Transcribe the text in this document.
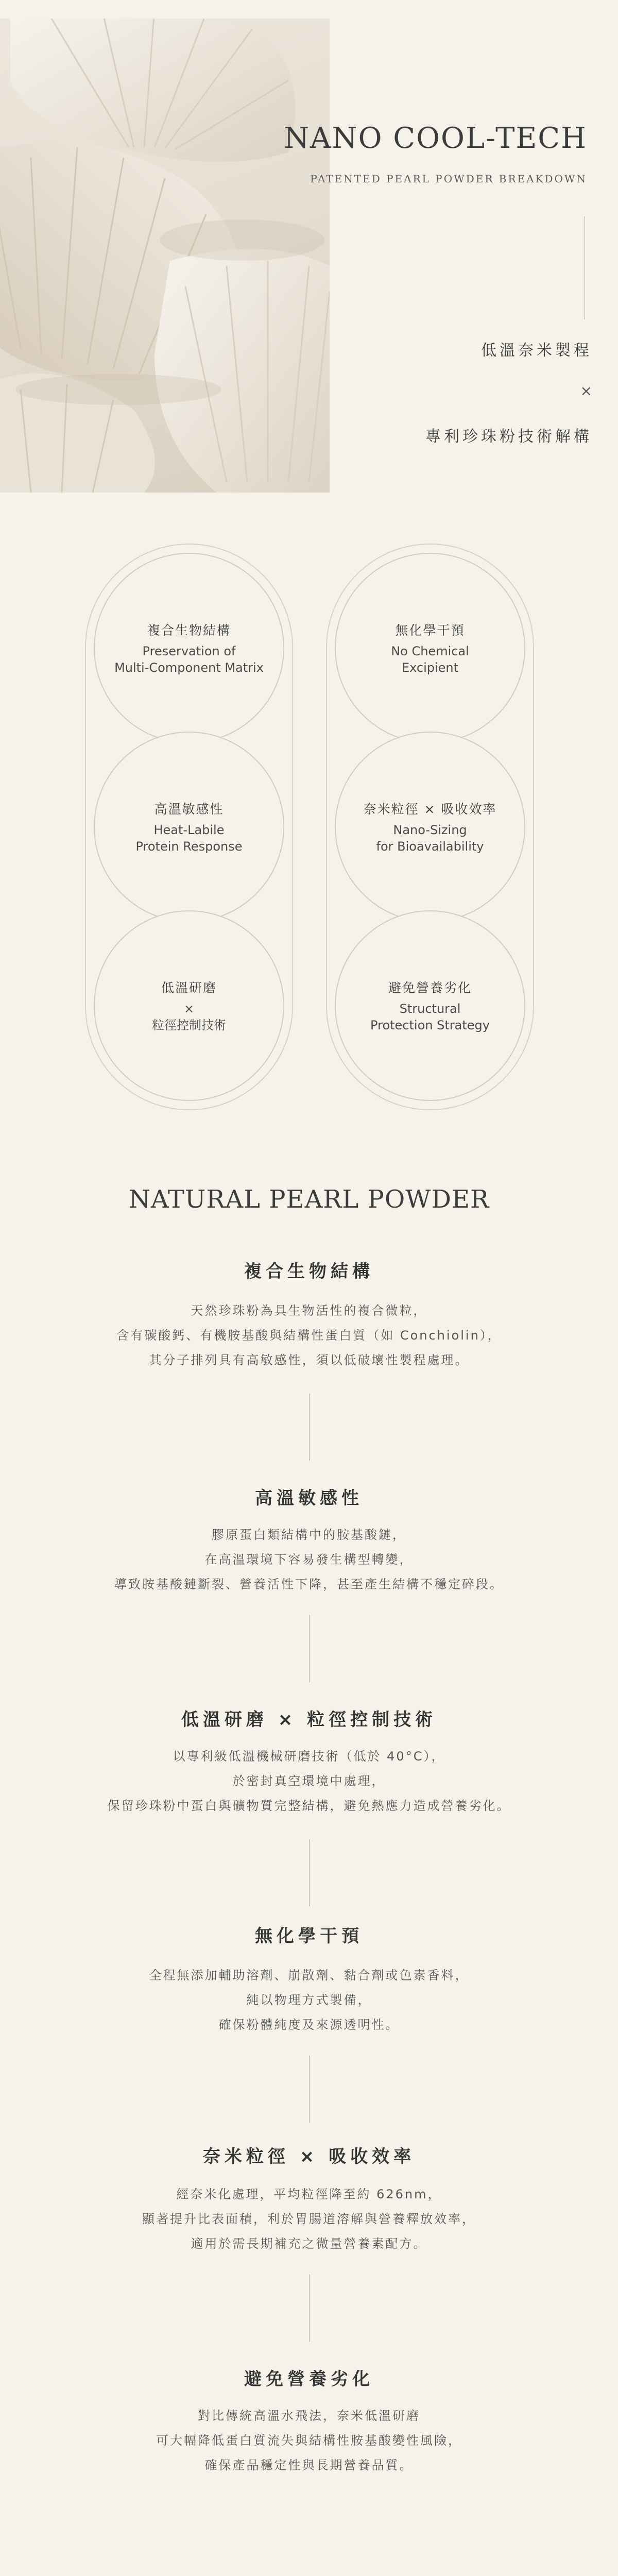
NANO COOL-TECH
PATENTED PEARL POWDER BREAKDOWN
低溫奈米製程
×
專利珍珠粉技術解構
複合生物結構
Preservation of
Multi-Component Matrix
高溫敏感性
Heat-Labile
Protein Response
低溫研磨
×
粒徑控制技術
無化學干預
No Chemical
Excipient
奈米粒徑 × 吸收效率
Nano-Sizing
for Bioavailability
避免營養劣化
Structural
Protection Strategy
NATURAL PEARL POWDER
複合生物結構

天然珍珠粉為具生物活性的複合微粒，

含有碳酸鈣、有機胺基酸與結構性蛋白質（如 Conchiolin），

其分子排列具有高敏感性，須以低破壞性製程處理。

高溫敏感性

膠原蛋白類結構中的胺基酸鏈，

在高溫環境下容易發生構型轉變，

導致胺基酸鏈斷裂、營養活性下降，甚至產生結構不穩定碎段。

低溫研磨 × 粒徑控制技術

以專利級低溫機械研磨技術（低於 40°C），

於密封真空環境中處理，

保留珍珠粉中蛋白與礦物質完整結構，避免熱應力造成營養劣化。

無化學干預

全程無添加輔助溶劑、崩散劑、黏合劑或色素香料，

純以物理方式製備，

確保粉體純度及來源透明性。

奈米粒徑 × 吸收效率

經奈米化處理，平均粒徑降至約 626nm，

顯著提升比表面積，利於胃腸道溶解與營養釋放效率，

適用於需長期補充之微量營養素配方。

避免營養劣化

對比傳統高溫水飛法，奈米低溫研磨

可大幅降低蛋白質流失與結構性胺基酸變性風險，

確保產品穩定性與長期營養品質。
